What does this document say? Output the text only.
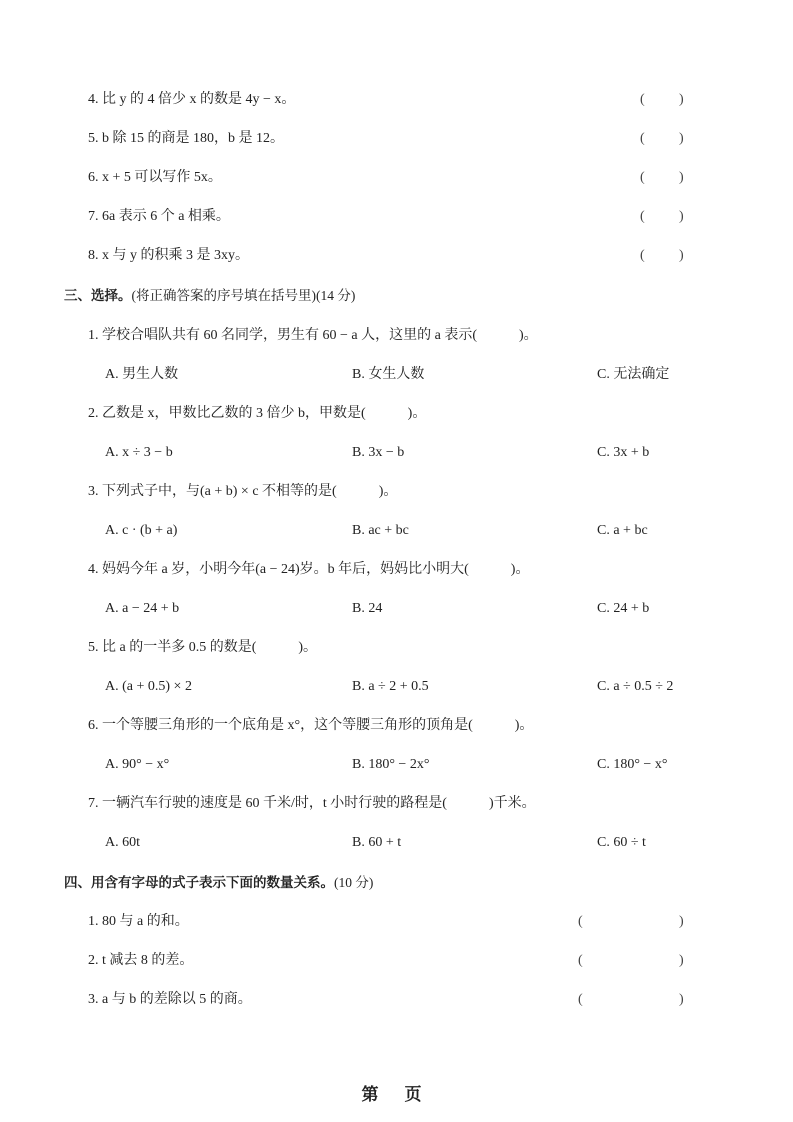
4. 比 y 的 4 倍少 x 的数是 4y − x。	( )
5. b 除 15 的商是 180，b 是 12。	( )
6. x + 5 可以写作 5x。	( )
7. 6a 表示 6 个 a 相乘。	( )
8. x 与 y 的积乘 3 是 3xy。	( )
三、选择。(将正确答案的序号填在括号里)(14 分)
1. 学校合唱队共有 60 名同学，男生有 60 − a 人，这里的 a 表示(　　　)。
A. 男生人数	B. 女生人数	C. 无法确定
2. 乙数是 x，甲数比乙数的 3 倍少 b，甲数是(　　　)。
A. x ÷ 3 − b	B. 3x − b	C. 3x + b
3. 下列式子中，与(a + b) × c 不相等的是(　　　)。
A. c · (b + a)	B. ac + bc	C. a + bc
4. 妈妈今年 a 岁，小明今年(a − 24)岁。b 年后，妈妈比小明大(　　　)。
A. a − 24 + b	B. 24	C. 24 + b
5. 比 a 的一半多 0.5 的数是(　　　)。
A. (a + 0.5) × 2	B. a ÷ 2 + 0.5	C. a ÷ 0.5 ÷ 2
6. 一个等腰三角形的一个底角是 x°，这个等腰三角形的顶角是(　　　)。
A. 90° − x°	B. 180° − 2x°	C. 180° − x°
7. 一辆汽车行驶的速度是 60 千米/时，t 小时行驶的路程是(　　　)千米。
A. 60t	B. 60 + t	C. 60 ÷ t
四、用含有字母的式子表示下面的数量关系。(10 分)
1. 80 与 a 的和。	(	)
2. t 减去 8 的差。	(	)
3. a 与 b 的差除以 5 的商。	(	)
第 页
